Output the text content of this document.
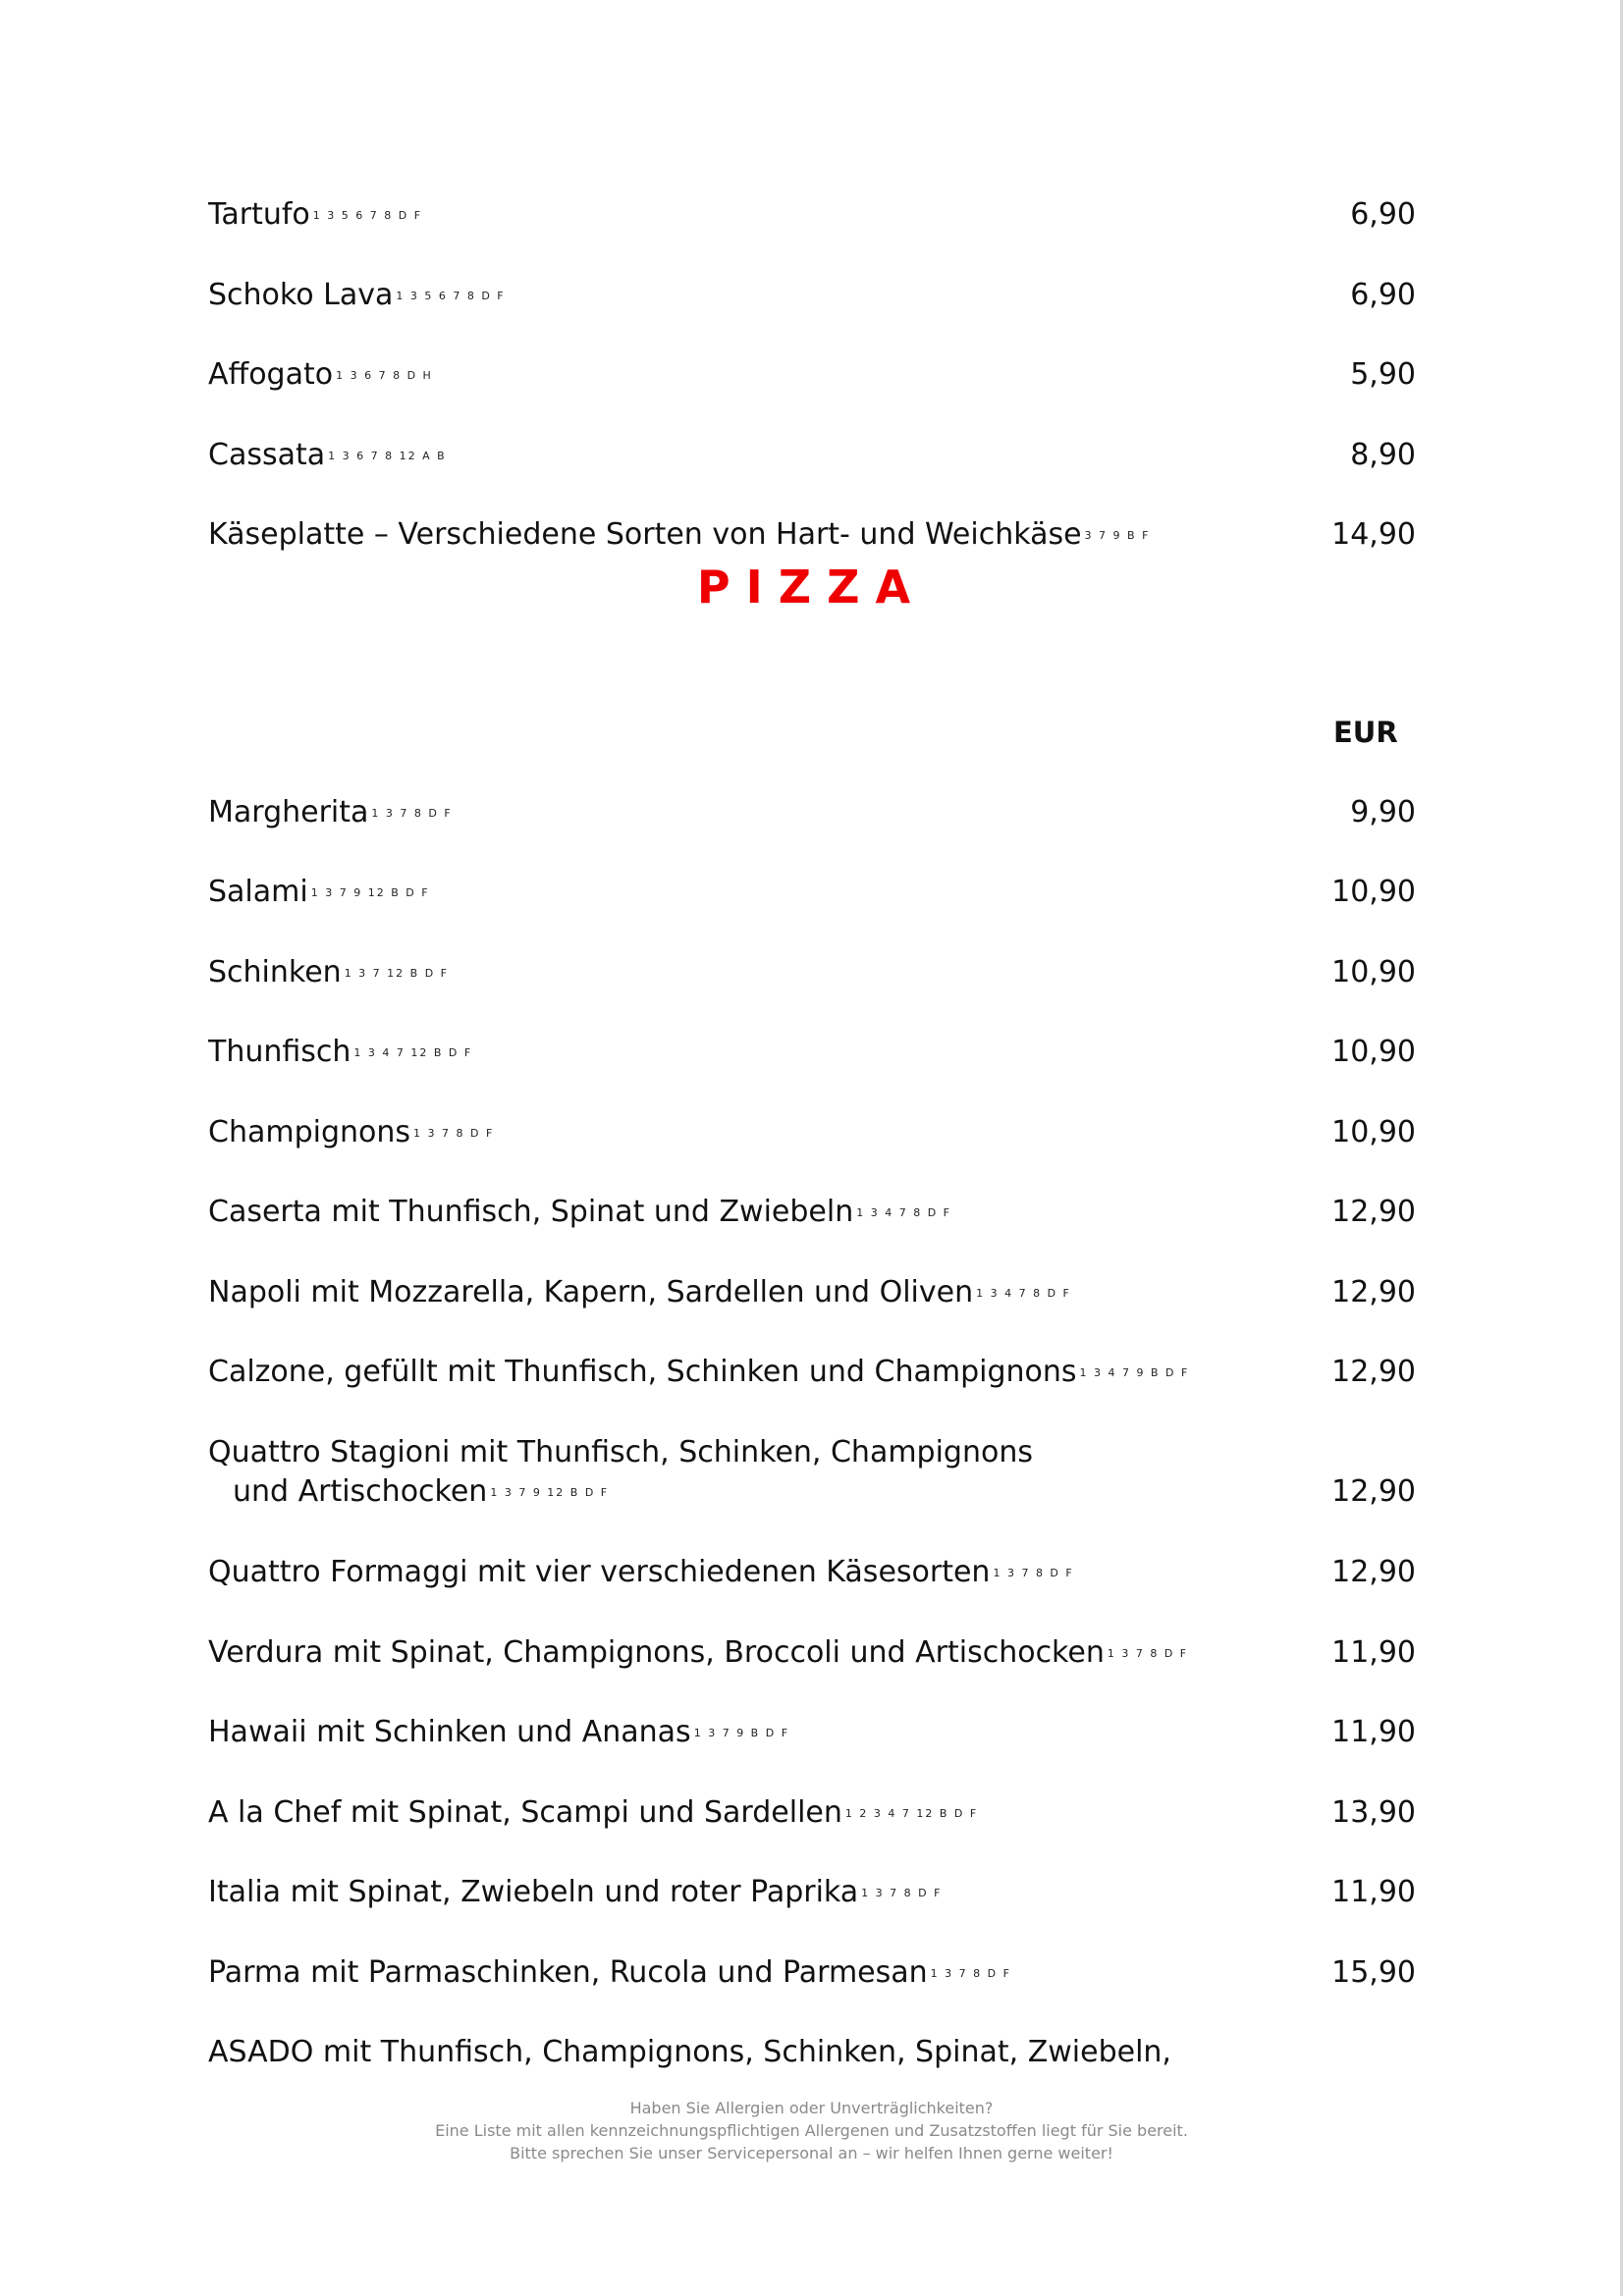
Tartufo 1 3 5 6 7 8 D F	6,90
Schoko Lava 1 3 5 6 7 8 D F	6,90
Affogato 1 3 6 7 8 D H	5,90
Cassata 1 3 6 7 8 12 A B	8,90
Käseplatte – Verschiedene Sorten von Hart- und Weichkäse 3 7 9 B F	14,90
PIZZA
EUR
Margherita 1 3 7 8 D F	9,90
Salami 1 3 7 9 12 B D F	10,90
Schinken 1 3 7 12 B D F	10,90
Thunfisch 1 3 4 7 12 B D F	10,90
Champignons 1 3 7 8 D F	10,90
Caserta mit Thunfisch, Spinat und Zwiebeln 1 3 4 7 8 D F	12,90
Napoli mit Mozzarella, Kapern, Sardellen und Oliven 1 3 4 7 8 D F	12,90
Calzone, gefüllt mit Thunfisch, Schinken und Champignons 1 3 4 7 9 B D F	12,90
Quattro Stagioni mit Thunfisch, Schinken, Champignons
und Artischocken 1 3 7 9 12 B D F	12,90
Quattro Formaggi mit vier verschiedenen Käsesorten 1 3 7 8 D F	12,90
Verdura mit Spinat, Champignons, Broccoli und Artischocken 1 3 7 8 D F	11,90
Hawaii mit Schinken und Ananas 1 3 7 9 B D F	11,90
A la Chef mit Spinat, Scampi und Sardellen 1 2 3 4 7 12 B D F	13,90
Italia mit Spinat, Zwiebeln und roter Paprika 1 3 7 8 D F	11,90
Parma mit Parmaschinken, Rucola und Parmesan 1 3 7 8 D F	15,90
ASADO mit Thunfisch, Champignons, Schinken, Spinat, Zwiebeln,
Haben Sie Allergien oder Unverträglichkeiten?
Eine Liste mit allen kennzeichnungspflichtigen Allergenen und Zusatzstoffen liegt für Sie bereit.
Bitte sprechen Sie unser Servicepersonal an – wir helfen Ihnen gerne weiter!
